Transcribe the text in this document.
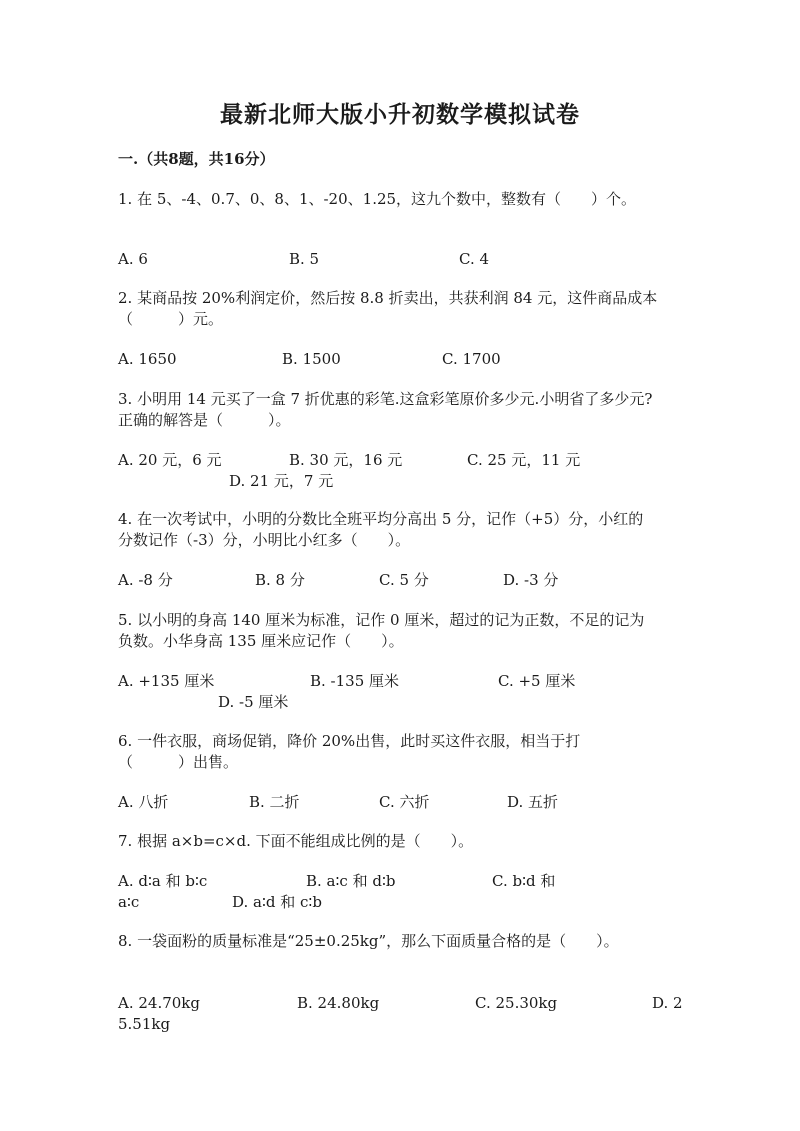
最新北师大版小升初数学模拟试卷
一.（共8题，共16分）
1. 在 5、-4、0.7、0、8、1、-20、1.25，这九个数中，整数有（　　）个。
A. 6	B. 5	C. 4
2. 某商品按 20%利润定价，然后按 8.8 折卖出，共获利润 84 元，这件商品成本
（　　　）元。
A. 1650	B. 1500	C. 1700
3. 小明用 14 元买了一盒 7 折优惠的彩笔.这盒彩笔原价多少元.小明省了多少元?
正确的解答是（　　　）。
A. 20 元，6 元	B. 30 元，16 元	C. 25 元，11 元
D. 21 元，7 元
4. 在一次考试中，小明的分数比全班平均分高出 5 分，记作（+5）分，小红的
分数记作（-3）分，小明比小红多（　　）。
A. -8 分	B. 8 分	C. 5 分	D. -3 分
5. 以小明的身高 140 厘米为标准，记作 0 厘米，超过的记为正数，不足的记为
负数。小华身高 135 厘米应记作（　　）。
A. +135 厘米	B. -135 厘米	C. +5 厘米
D. -5 厘米
6. 一件衣服，商场促销，降价 20%出售，此时买这件衣服，相当于打
（　　　）出售。
A. 八折	B. 二折	C. 六折	D. 五折
7. 根据 a×b=c×d. 下面不能组成比例的是（　　）。
A. d∶a 和 b∶c	B. a∶c 和 d∶b	C. b∶d 和
a∶c	D. a∶d 和 c∶b
8. 一袋面粉的质量标准是“25±0.25kg”，那么下面质量合格的是（　　）。
A. 24.70kg	B. 24.80kg	C. 25.30kg	D. 2
5.51kg
